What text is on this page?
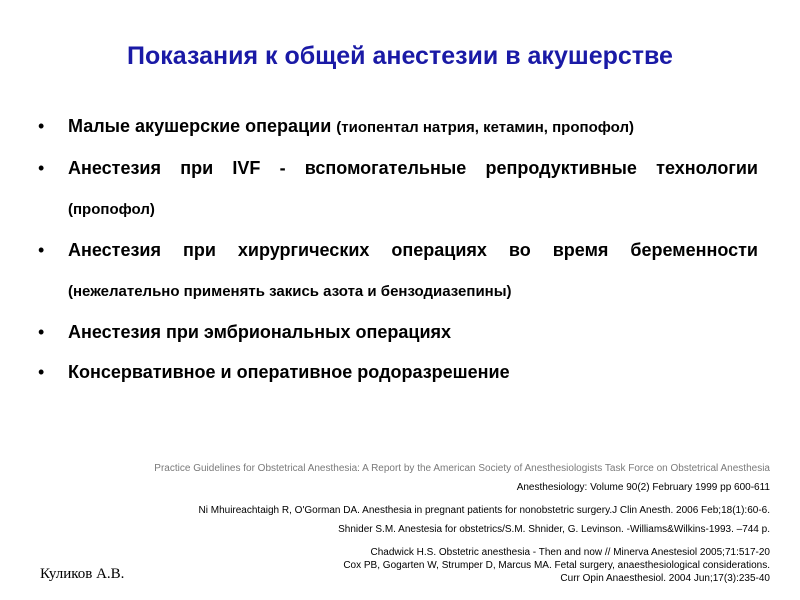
Показания к общей анестезии в акушерстве
• Малые акушерские операции (тиопентал натрия, кетамин, пропофол)
• Анестезия при IVF - вспомогательные репродуктивные технологии (пропофол)
• Анестезия при хирургических операциях во время беременности (нежелательно применять закись азота и бензодиазепины)
• Анестезия при эмбриональных операциях
• Консервативное и оперативное родоразрешение
Practice Guidelines for Obstetrical Anesthesia: A Report by the American Society of Anesthesiologists Task Force on Obstetrical Anesthesia
Anesthesiology: Volume 90(2) February 1999 pp 600-611
Ni Mhuireachtaigh R, O'Gorman DA. Anesthesia in pregnant patients for nonobstetric surgery.J Clin Anesth. 2006 Feb;18(1):60-6.
Shnider S.M. Anestesia for obstetrics/S.M. Shnider, G. Levinson. -Williams&Wilkins-1993. –744 p.
Chadwick H.S. Obstetric anesthesia - Then and now // Minerva Anestesiol 2005;71:517-20
Cox PB, Gogarten W, Strumper D, Marcus MA. Fetal surgery, anaesthesiological considerations.
Curr Opin Anaesthesiol. 2004 Jun;17(3):235-40
Куликов А.В.
